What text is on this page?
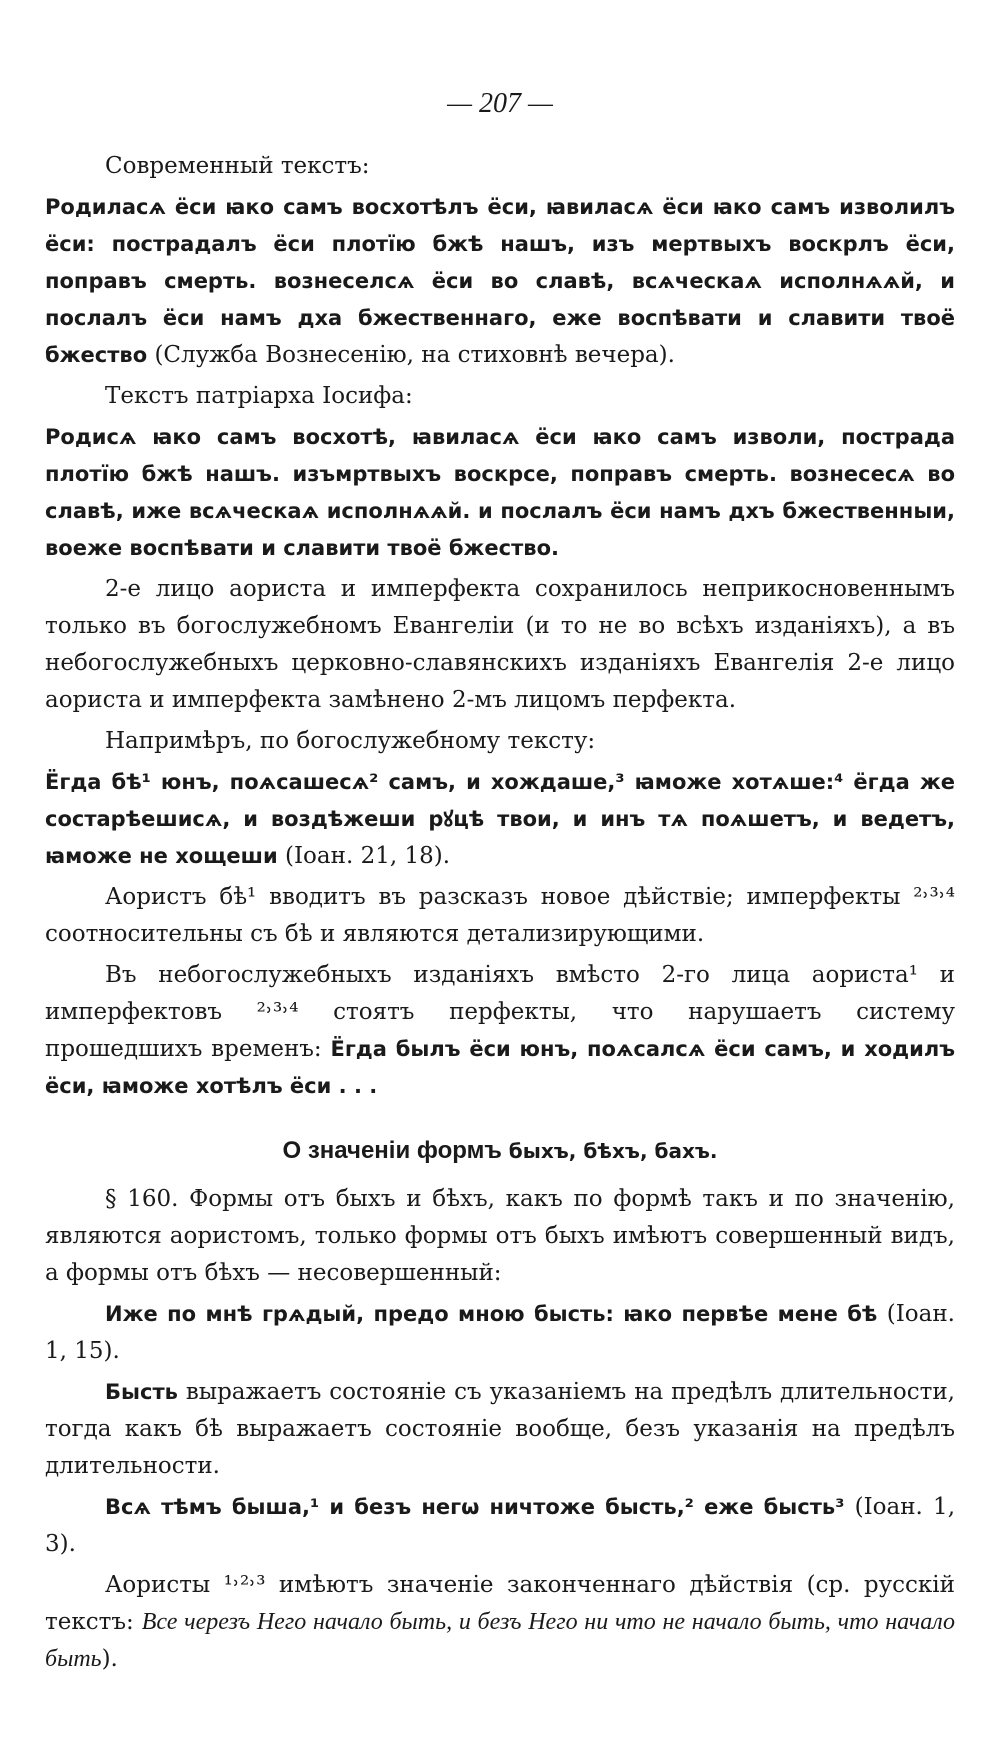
— 207 —

Современный текстъ:

Родиласѧ ёси ꙗко самъ восхотѣлъ ёси, ꙗвиласѧ ёси ꙗко самъ изволилъ ёси: пострадалъ ёси плотїю бжѣ нашъ, изъ мертвыхъ воскрлъ ёси, поправъ смерть. вознеселсѧ ёси во славѣ, всѧческаѧ исполнѧѧй, и послалъ ёси намъ дха бжественнаго, еже воспѣвати и славити твоё бжество (Служба Вознесенію, на стиховнѣ вечера).

Текстъ патріарха Іосифа:

Родисѧ ꙗко самъ восхотѣ, ꙗвиласѧ ёси ꙗко самъ изволи, пострада плотїю бжѣ нашъ. изъмртвыхъ воскрсе, поправъ смерть. вознесесѧ во славѣ, иже всѧческаѧ исполнѧѧй. и послалъ ёси намъ дхъ бжественныи, воеже воспѣвати и славити твоё бжество.

2-е лицо аориста и имперфекта сохранилось неприкосновеннымъ только въ богослужебномъ Евангеліи (и то не во всѣхъ изданіяхъ), а въ небогослужебныхъ церковно-славянскихъ изданіяхъ Евангелія 2-е лицо аориста и имперфекта замѣнено 2-мъ лицомъ перфекта.

Напримѣръ, по богослужебному тексту:

Ёгда бѣ¹ юнъ, поѧсашесѧ² самъ, и хождаше,³ ꙗможе хотѧше:⁴ ёгда же состарѣешисѧ, и воздѣжеши рꙋцѣ твои, и инъ тѧ поѧшетъ, и ведетъ, ꙗможе не хощеши (Іоан. 21, 18).

Аористъ бѣ¹ вводитъ въ разсказъ новое дѣйствіе; имперфекты ²˒³˒⁴ соотносительны съ бѣ и являются детализирующими.

Въ небогослужебныхъ изданіяхъ вмѣсто 2-го лица аориста¹ и имперфектовъ ²˒³˒⁴ стоятъ перфекты, что нарушаетъ систему прошедшихъ временъ: Ёгда былъ ёси юнъ, поѧсалсѧ ёси самъ, и ходилъ ёси, ꙗможе хотѣлъ ёси . . .

О значеніи формъ быхъ, бѣхъ, бахъ.

§ 160. Формы отъ быхъ и бѣхъ, какъ по формѣ такъ и по значенію, являются аористомъ, только формы отъ быхъ имѣютъ совершенный видъ, а формы отъ бѣхъ — несовершенный:

Иже по мнѣ грѧдый, предо мною бысть: ꙗко первѣе мене бѣ (Іоан. 1, 15).

Бысть выражаетъ состояніе съ указаніемъ на предѣлъ длительности, тогда какъ бѣ выражаетъ состояніе вообще, безъ указанія на предѣлъ длительности.

Всѧ тѣмъ быша,¹ и безъ негѡ ничтоже бысть,² еже бысть³ (Іоан. 1, 3).

Аористы ¹˒²˒³ имѣютъ значеніе законченнаго дѣйствія (ср. русскій текстъ: Все черезъ Него начало быть, и безъ Него ни что не начало быть, что начало быть).
